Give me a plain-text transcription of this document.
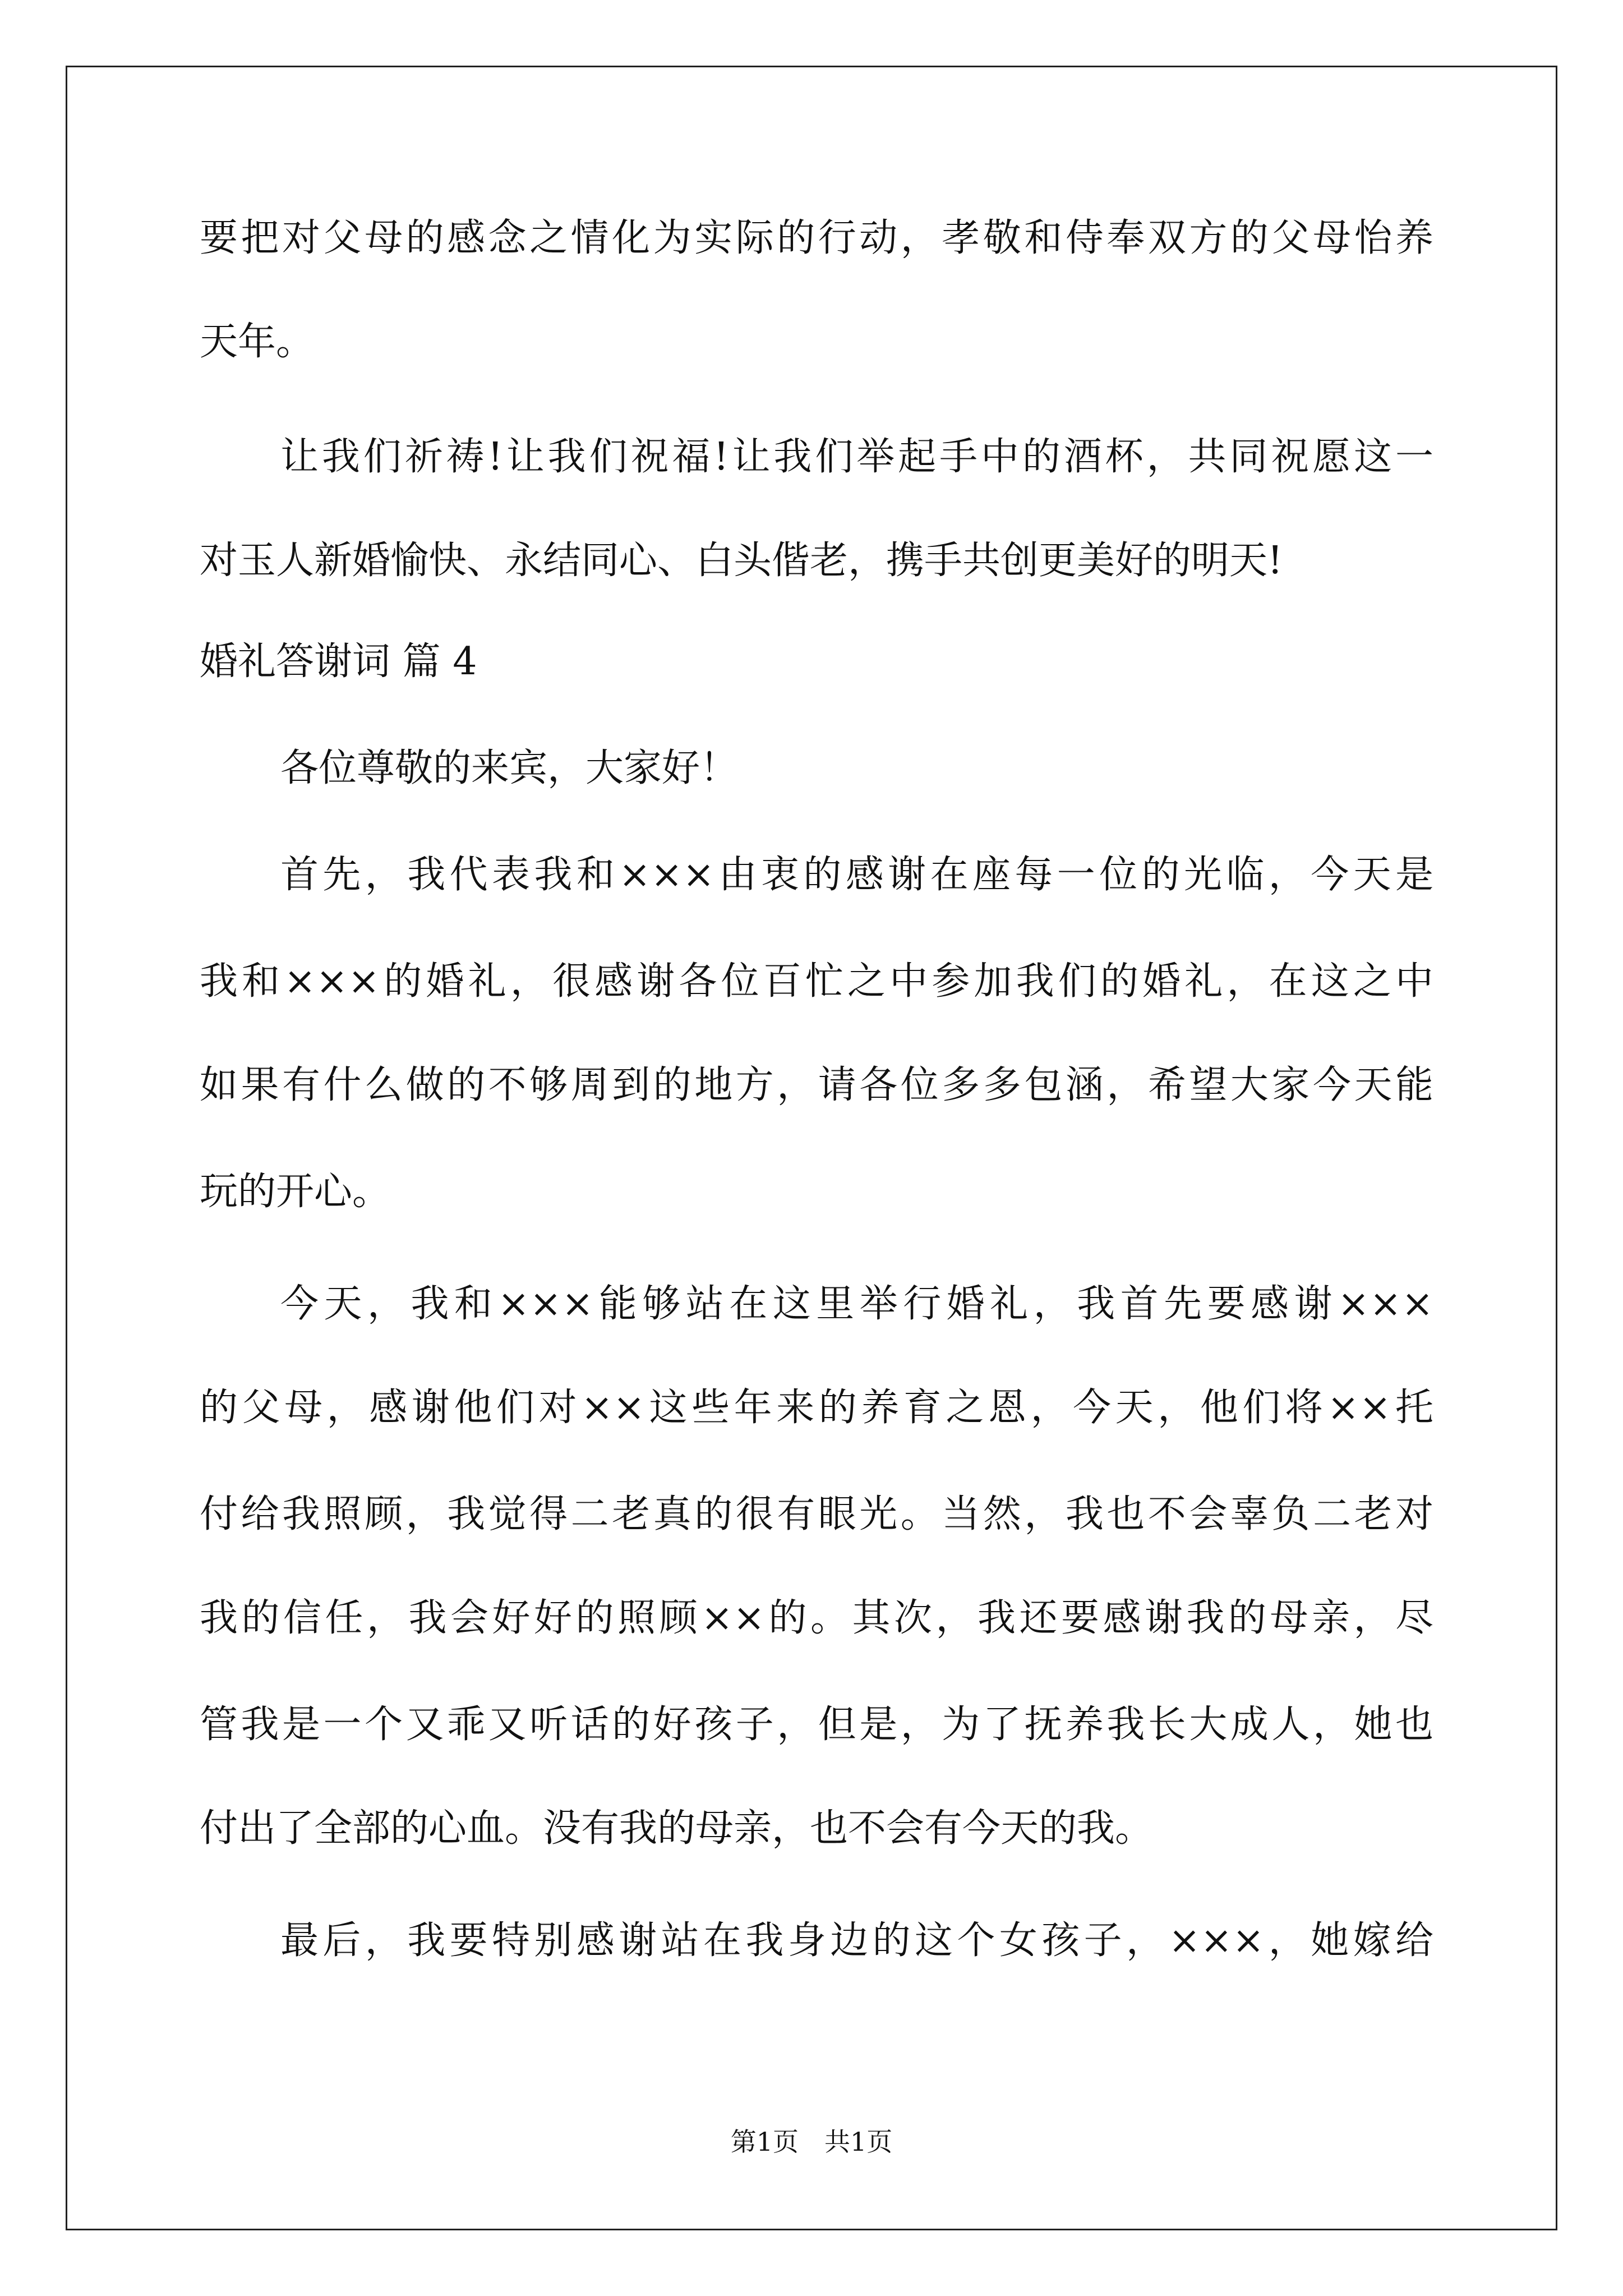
要把对父母的感念之情化为实际的行动，孝敬和侍奉双方的父母怡养
天年。
让我们祈祷!让我们祝福!让我们举起手中的酒杯，共同祝愿这一
对玉人新婚愉快、永结同心、白头偕老，携手共创更美好的明天!
婚礼答谢词 篇 4
各位尊敬的来宾，大家好！
首先，我代表我和×××由衷的感谢在座每一位的光临，今天是
我和×××的婚礼，很感谢各位百忙之中参加我们的婚礼，在这之中
如果有什么做的不够周到的地方，请各位多多包涵，希望大家今天能
玩的开心。
今天，我和×××能够站在这里举行婚礼，我首先要感谢×××
的父母，感谢他们对××这些年来的养育之恩，今天，他们将××托
付给我照顾，我觉得二老真的很有眼光。当然，我也不会辜负二老对
我的信任，我会好好的照顾××的。其次，我还要感谢我的母亲，尽
管我是一个又乖又听话的好孩子，但是，为了抚养我长大成人，她也
付出了全部的心血。没有我的母亲，也不会有今天的我。
最后，我要特别感谢站在我身边的这个女孩子，×××，她嫁给
第1页　共1页
